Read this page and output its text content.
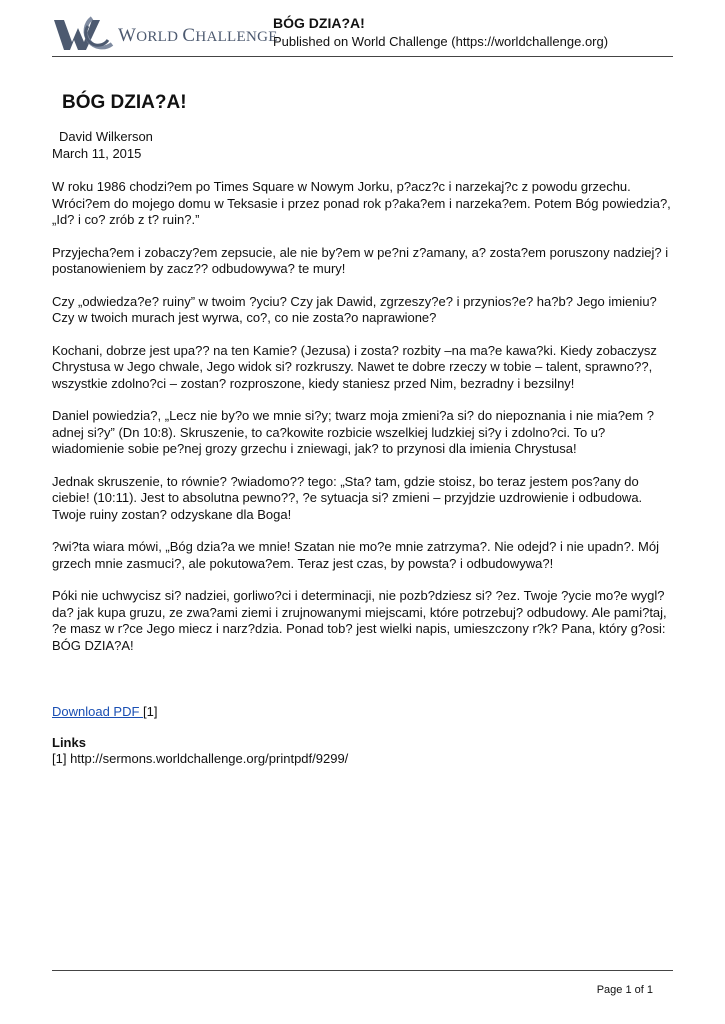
WORLD CHALLENGE
BÓG DZIA?A!
Published on World Challenge (https://worldchallenge.org)
BÓG DZIA?A!
David Wilkerson
March 11, 2015

W roku 1986 chodzi?em po Times Square w Nowym Jorku, p?acz?c i narzekaj?c z powodu grzechu. Wróci?em do mojego domu w Teksasie i przez ponad rok p?aka?em i narzeka?em. Potem Bóg powiedzia?, „Id? i co? zrób z t? ruin?.”

Przyjecha?em i zobaczy?em zepsucie, ale nie by?em w pe?ni z?amany, a? zosta?em poruszony nadziej? i postanowieniem by zacz?? odbudowywa? te mury!

Czy „odwiedza?e? ruiny” w twoim ?yciu? Czy jak Dawid, zgrzeszy?e? i przynios?e? ha?b? Jego imieniu? Czy w twoich murach jest wyrwa, co?, co nie zosta?o naprawione?

Kochani, dobrze jest upa?? na ten Kamie? (Jezusa) i zosta? rozbity –na ma?e kawa?ki. Kiedy zobaczysz Chrystusa w Jego chwale, Jego widok si? rozkruszy. Nawet te dobre rzeczy w tobie – talent, sprawno??, wszystkie zdolno?ci – zostan? rozproszone, kiedy staniesz przed Nim, bezradny i bezsilny!

Daniel powiedzia?, „Lecz nie by?o we mnie si?y; twarz moja zmieni?a si? do niepoznania i nie mia?em ?adnej si?y” (Dn 10:8). Skruszenie, to ca?kowite rozbicie wszelkiej ludzkiej si?y i zdolno?ci. To u?wiadomienie sobie pe?nej grozy grzechu i zniewagi, jak? to przynosi dla imienia Chrystusa!

Jednak skruszenie, to równie? ?wiadomo?? tego: „Sta? tam, gdzie stoisz, bo teraz jestem pos?any do ciebie! (10:11). Jest to absolutna pewno??, ?e sytuacja si? zmieni – przyjdzie uzdrowienie i odbudowa. Twoje ruiny zostan? odzyskane dla Boga!

?wi?ta wiara mówi, „Bóg dzia?a we mnie! Szatan nie mo?e mnie zatrzyma?. Nie odejd? i nie upadn?. Mój grzech mnie zasmuci?, ale pokutowa?em. Teraz jest czas, by powsta? i odbudowywa?!

Póki nie uchwycisz si? nadziei, gorliwo?ci i determinacji, nie pozb?dziesz si? ?ez. Twoje ?ycie mo?e wygl?da? jak kupa gruzu, ze zwa?ami ziemi i zrujnowanymi miejscami, które potrzebuj? odbudowy. Ale pami?taj, ?e masz w r?ce Jego miecz i narz?dzia. Ponad tob? jest wielki napis, umieszczony r?k? Pana, który g?osi: BÓG DZIA?A!

Download PDF [1]
Links
[1] http://sermons.worldchallenge.org/printpdf/9299/
Page 1 of 1
